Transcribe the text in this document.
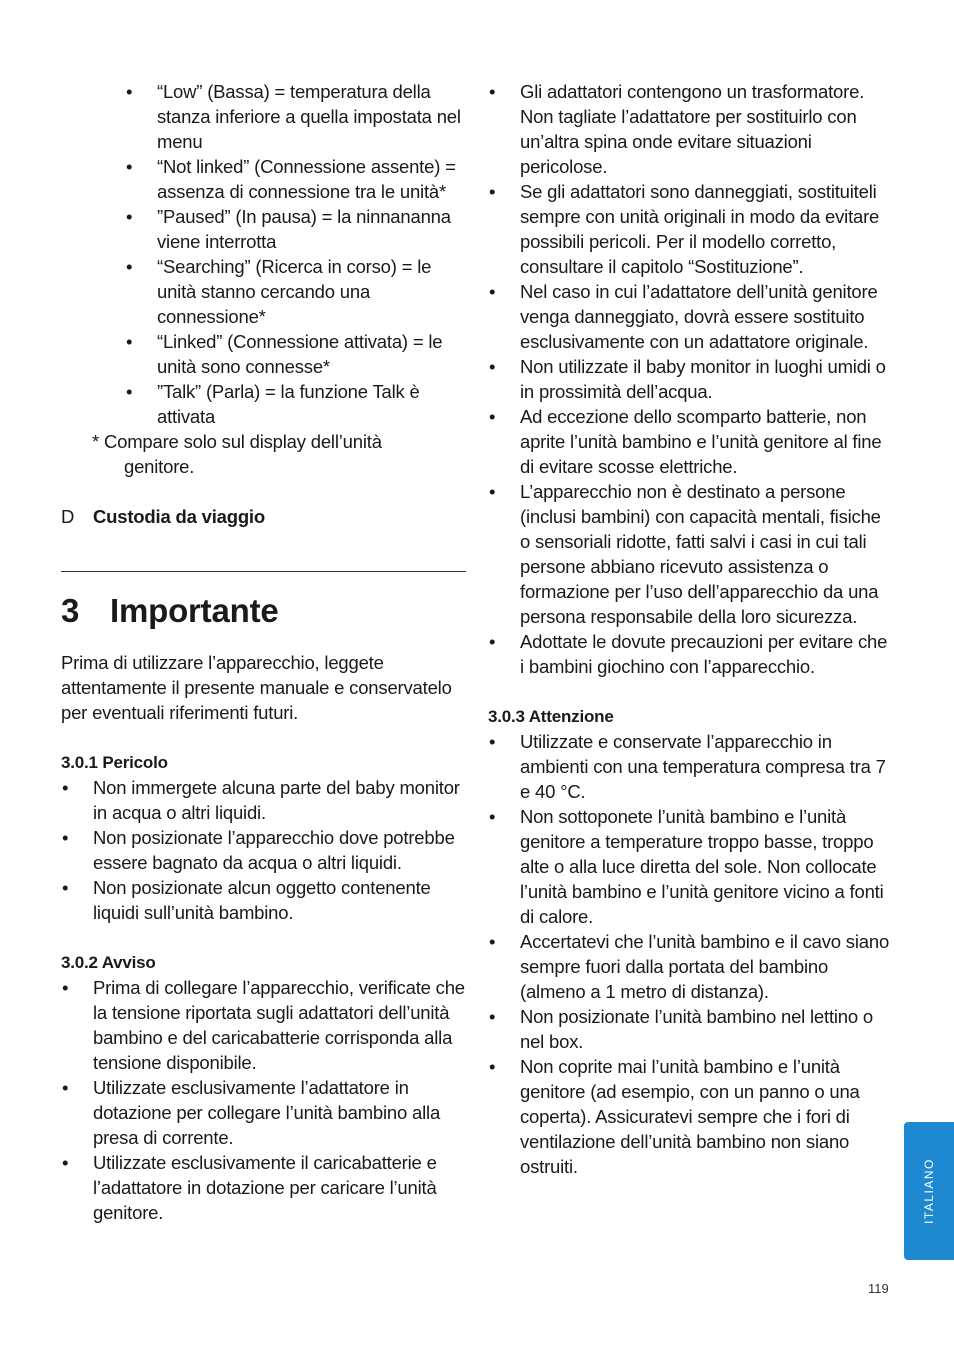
• “Low” (Bassa) = temperatura della stanza inferiore a quella impostata nel menu
• “Not linked” (Connessione assente) = assenza di connessione tra le unità*
• ”Paused” (In pausa) = la ninnananna viene interrotta
• “Searching” (Ricerca in corso) = le unità stanno cercando una connessione*
• “Linked” (Connessione attivata) = le unità sono connesse*
• ”Talk” (Parla) = la funzione Talk è attivata
* Compare solo sul display dell’unità
genitore.
D	Custodia da viaggio
3 Importante

Prima di utilizzare l’apparecchio, leggete attentamente il presente manuale e conservatelo per eventuali riferimenti futuri.

3.0.1 Pericolo
• Non immergete alcuna parte del baby monitor in acqua o altri liquidi.
• Non posizionate l’apparecchio dove potrebbe essere bagnato da acqua o altri liquidi.
• Non posizionate alcun oggetto contenente liquidi sull’unità bambino.
3.0.2 Avviso
• Prima di collegare l’apparecchio, verificate che la tensione riportata sugli adattatori dell’unità bambino e del caricabatterie corrisponda alla tensione disponibile.
• Utilizzate esclusivamente l’adattatore in dotazione per collegare l’unità bambino alla presa di corrente.
• Utilizzate esclusivamente il caricabatterie e l’adattatore in dotazione per caricare l’unità genitore.
• Gli adattatori contengono un trasformatore. Non tagliate l’adattatore per sostituirlo con un’altra spina onde evitare situazioni pericolose.
• Se gli adattatori sono danneggiati, sostituiteli sempre con unità originali in modo da evitare possibili pericoli. Per il modello corretto, consultare il capitolo “Sostituzione”.
• Nel caso in cui l’adattatore dell’unità genitore venga danneggiato, dovrà essere sostituito esclusivamente con un adattatore originale.
• Non utilizzate il baby monitor in luoghi umidi o in prossimità dell’acqua.
• Ad eccezione dello scomparto batterie, non aprite l’unità bambino e l’unità genitore al fine di evitare scosse elettriche.
• L’apparecchio non è destinato a persone (inclusi bambini) con capacità mentali, fisiche o sensoriali ridotte, fatti salvi i casi in cui tali persone abbiano ricevuto assistenza o formazione per l’uso dell’apparecchio da una persona responsabile della loro sicurezza.
• Adottate le dovute precauzioni per evitare che i bambini giochino con l’apparecchio.
3.0.3 Attenzione
• Utilizzate e conservate l’apparecchio in ambienti con una temperatura compresa tra 7 e 40 °C.
• Non sottoponete l’unità bambino e l’unità genitore a temperature troppo basse, troppo alte o alla luce diretta del sole. Non collocate l’unità bambino e l’unità genitore vicino a fonti di calore.
• Accertatevi che l’unità bambino e il cavo siano sempre fuori dalla portata del bambino (almeno a 1 metro di distanza).
• Non posizionate l’unità bambino nel lettino o nel box.
• Non coprite mai l’unità bambino e l’unità genitore (ad esempio, con un panno o una coperta). Assicuratevi sempre che i fori di ventilazione dell’unità bambino non siano ostruiti.	ITALIANO
119
